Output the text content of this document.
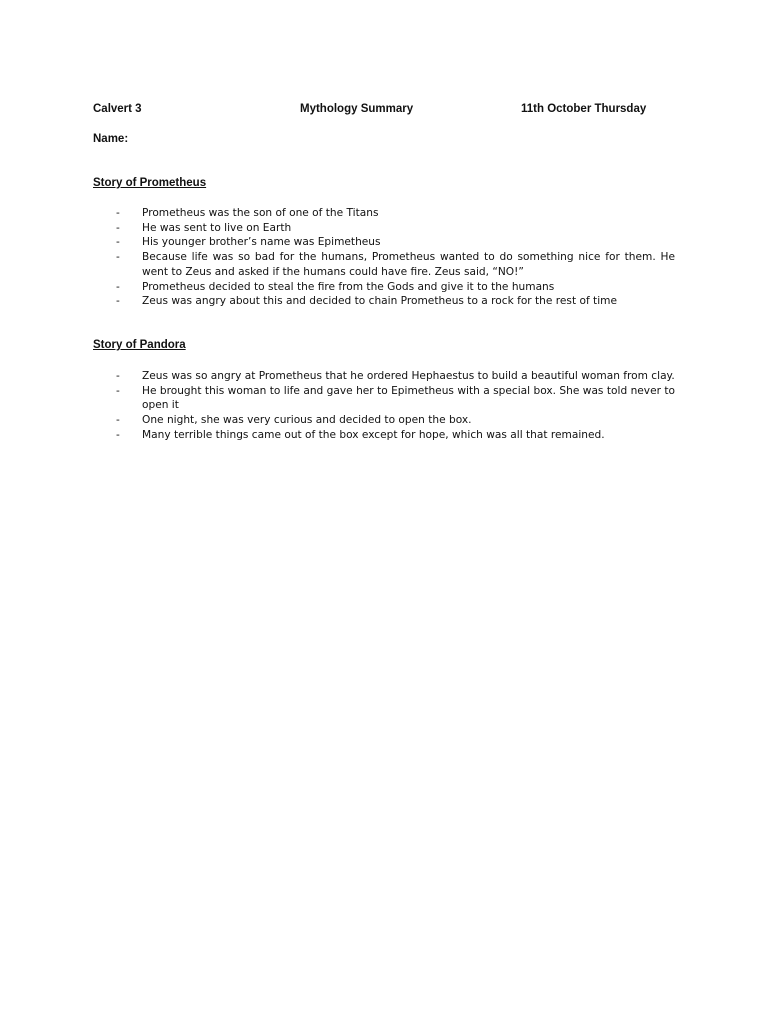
Calvert 3	Mythology Summary	11th October Thursday
Name:
Story of Prometheus
- Prometheus was the son of one of the Titans
- He was sent to live on Earth
- His younger brother’s name was Epimetheus
- Because life was so bad for the humans, Prometheus wanted to do something nice for them. He went to Zeus and asked if the humans could have fire. Zeus said, “NO!”
- Prometheus decided to steal the fire from the Gods and give it to the humans
- Zeus was angry about this and decided to chain Prometheus to a rock for the rest of time
Story of Pandora
- Zeus was so angry at Prometheus that he ordered Hephaestus to build a beautiful woman from clay.
- He brought this woman to life and gave her to Epimetheus with a special box. She was told never to open it
- One night, she was very curious and decided to open the box.
- Many terrible things came out of the box except for hope, which was all that remained.
